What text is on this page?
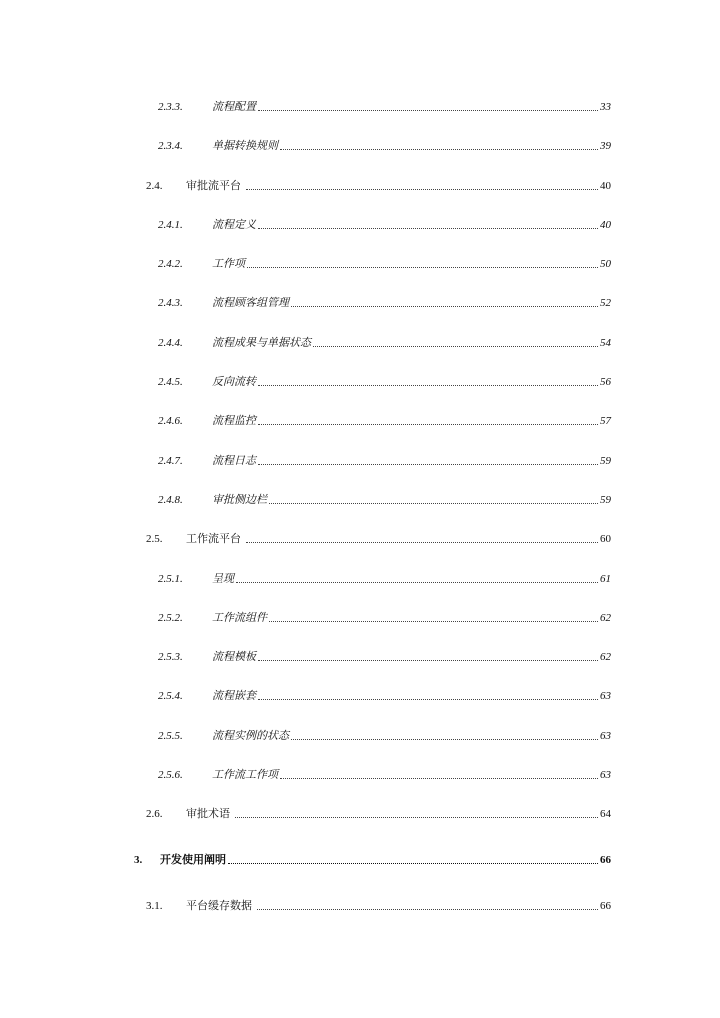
2.3.3.	流程配置	33
2.3.4.	单据转换规则	39
2.4.	审批流平台	40
2.4.1.	流程定义	40
2.4.2.	工作项	50
2.4.3.	流程顾客组管理	52
2.4.4.	流程成果与单据状态	54
2.4.5.	反向流转	56
2.4.6.	流程监控	57
2.4.7.	流程日志	59
2.4.8.	审批侧边栏	59
2.5.	工作流平台	60
2.5.1.	呈现	61
2.5.2.	工作流组件	62
2.5.3.	流程模板	62
2.5.4.	流程嵌套	63
2.5.5.	流程实例的状态	63
2.5.6.	工作流工作项	63
2.6.	审批术语	64
3.	开发使用阐明	66
3.1.	平台缓存数据	66
